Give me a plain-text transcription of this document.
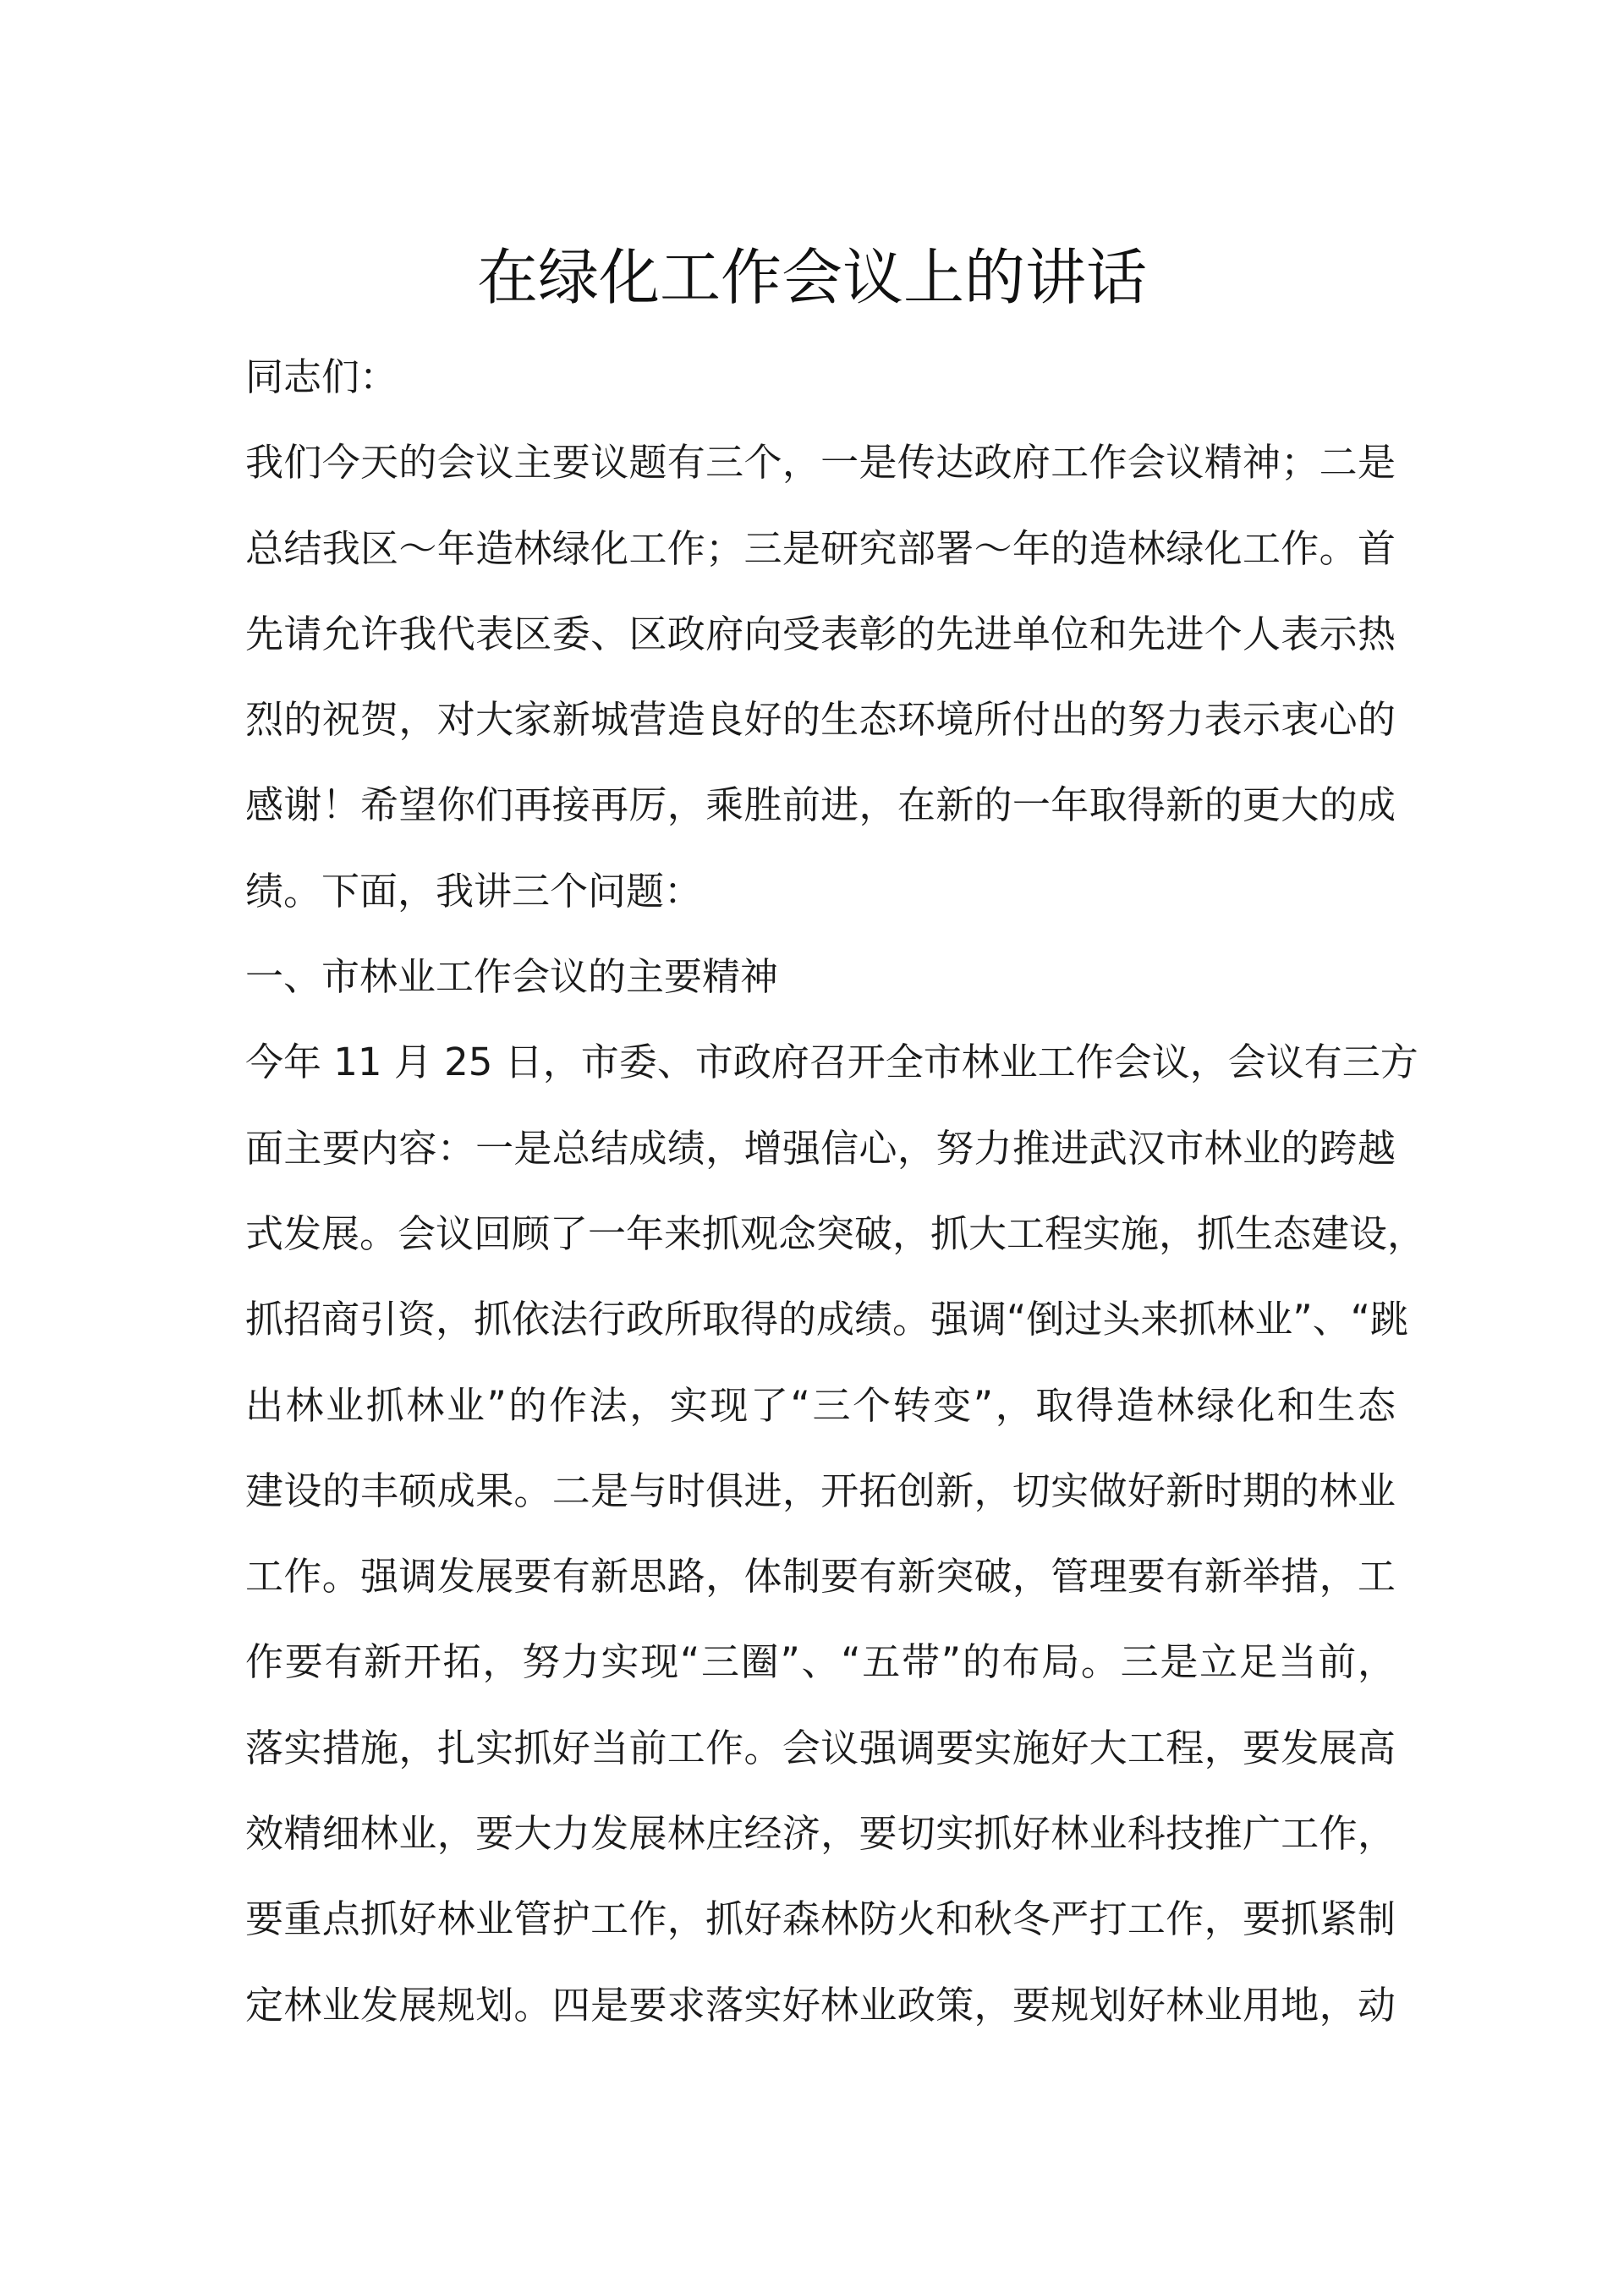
在绿化工作会议上的讲话
同志们：
我们今天的会议主要议题有三个，一是传达政府工作会议精神；二是
总结我区～年造林绿化工作；三是研究部署～年的造林绿化工作。首
先请允许我代表区委、区政府向受表彰的先进单位和先进个人表示热
烈的祝贺，对大家新城营造良好的生态环境所付出的努力表示衷心的
感谢！希望你们再接再厉，乘胜前进，在新的一年取得新的更大的成
绩。下面，我讲三个问题：
一、市林业工作会议的主要精神
今年 11 月 25 日，市委、市政府召开全市林业工作会议，会议有三方
面主要内容：一是总结成绩，增强信心，努力推进武汉市林业的跨越
式发展。会议回顾了一年来抓观念突破，抓大工程实施，抓生态建设，
抓招商引资，抓依法行政所取得的成绩。强调“倒过头来抓林业”、“跳
出林业抓林业”的作法，实现了“三个转变”，取得造林绿化和生态
建设的丰硕成果。二是与时俱进，开拓创新，切实做好新时期的林业
工作。强调发展要有新思路，体制要有新突破，管理要有新举措，工
作要有新开拓，努力实现“三圈”、“五带”的布局。三是立足当前，
落实措施，扎实抓好当前工作。会议强调要实施好大工程，要发展高
效精细林业，要大力发展林庄经济，要切实抓好林业科技推广工作，
要重点抓好林业管护工作，抓好森林防火和秋冬严打工作，要抓紧制
定林业发展规划。四是要求落实好林业政策，要规划好林业用地，动
